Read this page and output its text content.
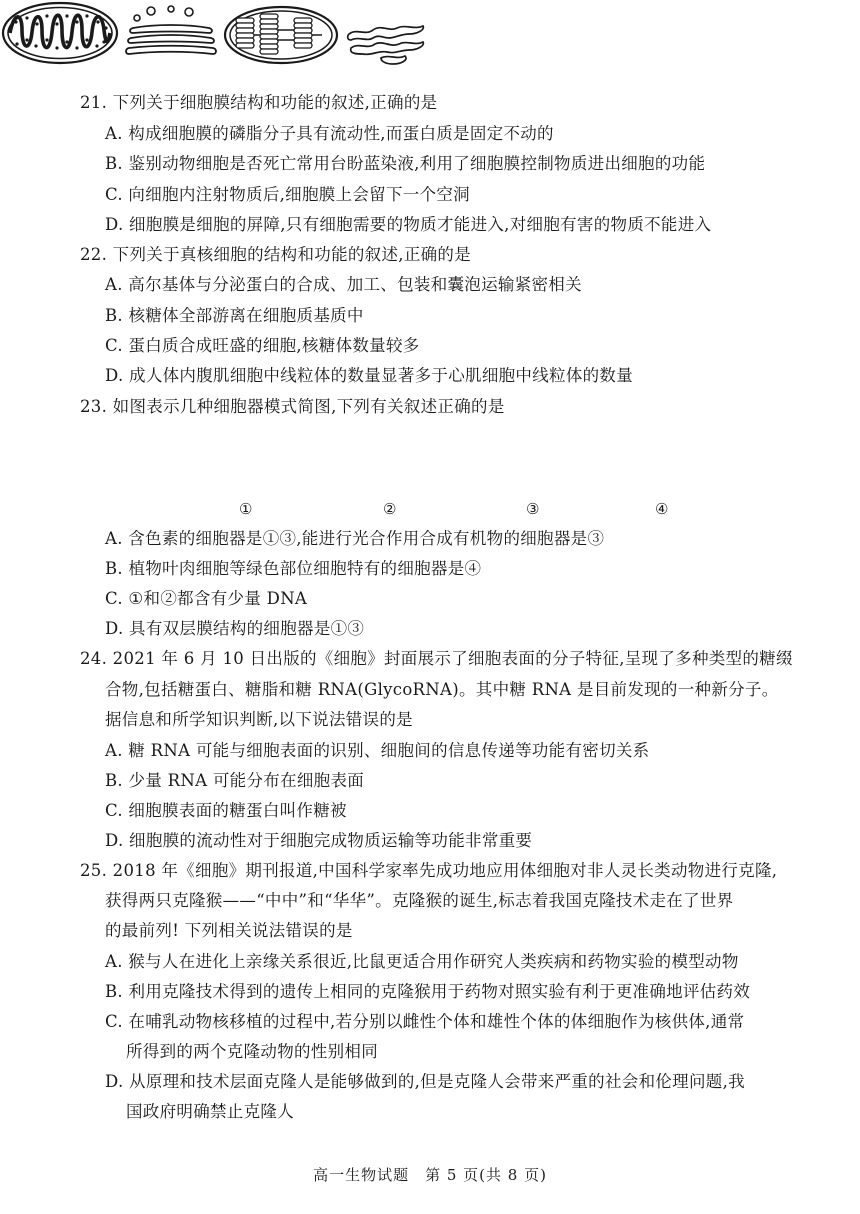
21. 下列关于细胞膜结构和功能的叙述,正确的是
A. 构成细胞膜的磷脂分子具有流动性,而蛋白质是固定不动的
B. 鉴别动物细胞是否死亡常用台盼蓝染液,利用了细胞膜控制物质进出细胞的功能
C. 向细胞内注射物质后,细胞膜上会留下一个空洞
D. 细胞膜是细胞的屏障,只有细胞需要的物质才能进入,对细胞有害的物质不能进入
22. 下列关于真核细胞的结构和功能的叙述,正确的是
A. 高尔基体与分泌蛋白的合成、加工、包装和囊泡运输紧密相关
B. 核糖体全部游离在细胞质基质中
C. 蛋白质合成旺盛的细胞,核糖体数量较多
D. 成人体内腹肌细胞中线粒体的数量显著多于心肌细胞中线粒体的数量
23. 如图表示几种细胞器模式简图,下列有关叙述正确的是

①	②	③	④
A. 含色素的细胞器是①③,能进行光合作用合成有机物的细胞器是③
B. 植物叶肉细胞等绿色部位细胞特有的细胞器是④
C. ①和②都含有少量 DNA
D. 具有双层膜结构的细胞器是①③
24. 2021 年 6 月 10 日出版的《细胞》封面展示了细胞表面的分子特征,呈现了多种类型的糖缀
合物,包括糖蛋白、糖脂和糖 RNA(GlycoRNA)。其中糖 RNA 是目前发现的一种新分子。
据信息和所学知识判断,以下说法错误的是
A. 糖 RNA 可能与细胞表面的识别、细胞间的信息传递等功能有密切关系
B. 少量 RNA 可能分布在细胞表面
C. 细胞膜表面的糖蛋白叫作糖被
D. 细胞膜的流动性对于细胞完成物质运输等功能非常重要
25. 2018 年《细胞》期刊报道,中国科学家率先成功地应用体细胞对非人灵长类动物进行克隆,
获得两只克隆猴——“中中”和“华华”。克隆猴的诞生,标志着我国克隆技术走在了世界
的最前列! 下列相关说法错误的是
A. 猴与人在进化上亲缘关系很近,比鼠更适合用作研究人类疾病和药物实验的模型动物
B. 利用克隆技术得到的遗传上相同的克隆猴用于药物对照实验有利于更准确地评估药效
C. 在哺乳动物核移植的过程中,若分别以雌性个体和雄性个体的体细胞作为核供体,通常
所得到的两个克隆动物的性别相同
D. 从原理和技术层面克隆人是能够做到的,但是克隆人会带来严重的社会和伦理问题,我
国政府明确禁止克隆人
高一生物试题　第 5 页(共 8 页)
